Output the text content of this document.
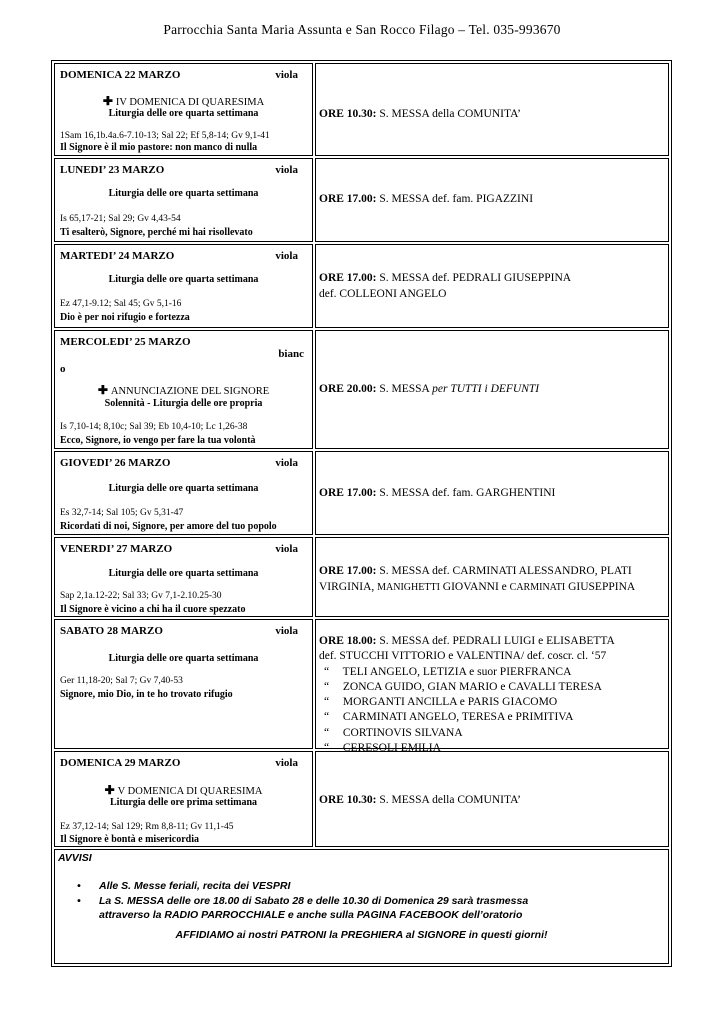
Parrocchia Santa Maria Assunta e San Rocco Filago – Tel. 035-993670
DOMENICA 22 MARZO	viola
✚ IV DOMENICA DI QUARESIMA
Liturgia delle ore quarta settimana
1Sam 16,1b.4a.6-7.10-13; Sal 22; Ef 5,8-14; Gv 9,1-41
Il Signore è il mio pastore: non manco di nulla
ORE 10.30: S. MESSA della COMUNITA’
LUNEDI’ 23 MARZO	viola
Liturgia delle ore quarta settimana
Is 65,17-21; Sal 29; Gv 4,43-54
Ti esalterò, Signore, perché mi hai risollevato
ORE 17.00: S. MESSA def. fam. PIGAZZINI
MARTEDI’ 24 MARZO	viola
Liturgia delle ore quarta settimana
Ez 47,1-9.12; Sal 45; Gv 5,1-16
Dio è per noi rifugio e fortezza
ORE 17.00: S. MESSA def. PEDRALI GIUSEPPINA
def. COLLEONI ANGELO
MERCOLEDI’ 25 MARZO
bianc
o
✚ ANNUNCIAZIONE DEL SIGNORE
Solennità - Liturgia delle ore propria
Is 7,10-14; 8,10c; Sal 39; Eb 10,4-10; Lc 1,26-38
Ecco, Signore, io vengo per fare la tua volontà
ORE 20.00: S. MESSA per TUTTI i DEFUNTI
GIOVEDI’ 26 MARZO	viola
Liturgia delle ore quarta settimana
Es 32,7-14; Sal 105; Gv 5,31-47
Ricordati di noi, Signore, per amore del tuo popolo
ORE 17.00: S. MESSA def. fam. GARGHENTINI
VENERDI’ 27 MARZO	viola
Liturgia delle ore quarta settimana
Sap 2,1a.12-22; Sal 33; Gv 7,1-2.10.25-30
Il Signore è vicino a chi ha il cuore spezzato
ORE 17.00: S. MESSA def. CARMINATI ALESSANDRO, PLATI
VIRGINIA, MANIGHETTI GIOVANNI e CARMINATI GIUSEPPINA
SABATO 28 MARZO	viola
Liturgia delle ore quarta settimana
Ger 11,18-20; Sal 7; Gv 7,40-53
Signore, mio Dio, in te ho trovato rifugio
ORE 18.00: S. MESSA def. PEDRALI LUIGI e ELISABETTA
def. STUCCHI VITTORIO e VALENTINA/ def. coscr. cl. ‘57
“ TELI ANGELO, LETIZIA e suor PIERFRANCA
“ ZONCA GUIDO, GIAN MARIO e CAVALLI TERESA
“ MORGANTI ANCILLA e PARIS GIACOMO
“ CARMINATI ANGELO, TERESA e PRIMITIVA
“ CORTINOVIS SILVANA
“ CERESOLI EMILIA
DOMENICA 29 MARZO	viola
✚ V DOMENICA DI QUARESIMA
Liturgia delle ore prima settimana
Ez 37,12-14; Sal 129; Rm 8,8-11; Gv 11,1-45
Il Signore è bontà e misericordia
ORE 10.30: S. MESSA della COMUNITA’
AVVISI
• Alle S. Messe feriali, recita dei VESPRI
• La S. MESSA delle ore 18.00 di Sabato 28 e delle 10.30 di Domenica 29 sarà trasmessa
attraverso la RADIO PARROCCHIALE e anche sulla PAGINA FACEBOOK dell’oratorio
AFFIDIAMO ai nostri PATRONI la PREGHIERA al SIGNORE in questi giorni!
